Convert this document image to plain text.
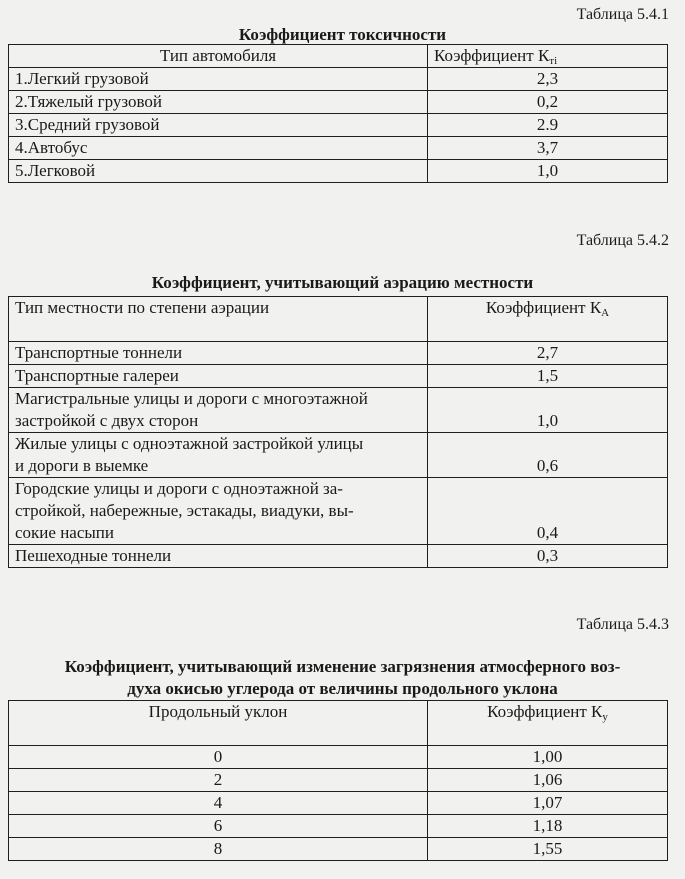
Таблица 5.4.1
Коэффициент токсичности
Тип автомобиля	Коэффициент $К_{тi}$
1.Легкий грузовой	2,3
2.Тяжелый грузовой	0,2
3.Средний грузовой	2.9
4.Автобус	3,7
5.Легковой	1,0
Таблица 5.4.2
Коэффициент, учитывающий аэрацию местности
Тип местности по степени аэрации	Коэффициент $К_А$
Транспортные тоннели	2,7
Транспортные галереи	1,5
Магистральные улицы и дороги с многоэтажной
застройкой с двух сторон	1,0
Жилые улицы с одноэтажной застройкой улицы
и дороги в выемке	0,6
Городские улицы и дороги с одноэтажной за-
стройкой, набережные, эстакады, виадуки, вы-
сокие насыпи	0,4
Пешеходные тоннели	0,3
Таблица 5.4.3
Коэффициент, учитывающий изменение загрязнения атмосферного воз-
духа окисью углерода от величины продольного уклона
Продольный уклон	Коэффициент $К_у$
0	1,00
2	1,06
4	1,07
6	1,18
8	1,55
